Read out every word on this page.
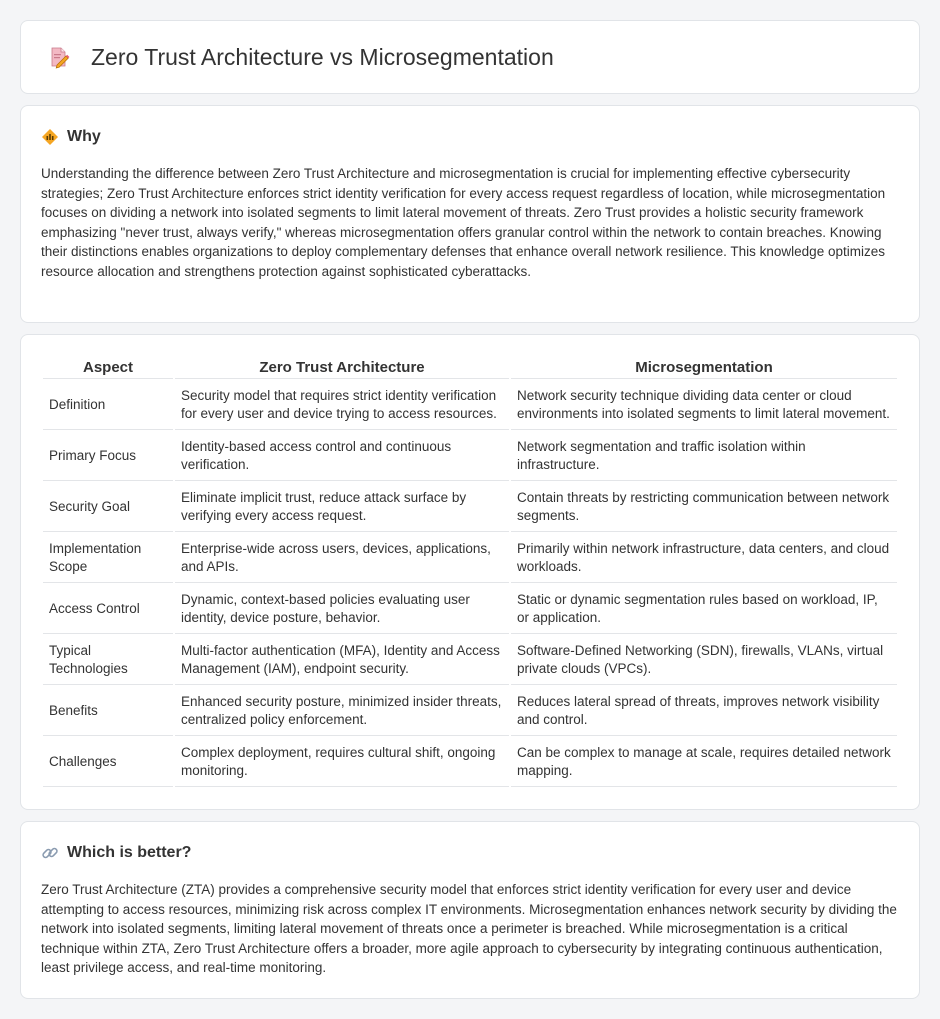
Zero Trust Architecture vs Microsegmentation
Why

Understanding the difference between Zero Trust Architecture and microsegmentation is crucial for implementing effective cybersecurity strategies; Zero Trust Architecture enforces strict identity verification for every access request regardless of location, while microsegmentation focuses on dividing a network into isolated segments to limit lateral movement of threats. Zero Trust provides a holistic security framework emphasizing "never trust, always verify," whereas microsegmentation offers granular control within the network to contain breaches. Knowing their distinctions enables organizations to deploy complementary defenses that enhance overall network resilience. This knowledge optimizes resource allocation and strengthens protection against sophisticated cyberattacks.

Aspect	Zero Trust Architecture	Microsegmentation
Definition	Security model that requires strict identity verification for every user and device trying to access resources.	Network security technique dividing data center or cloud environments into isolated segments to limit lateral movement.
Primary Focus	Identity-based access control and continuous verification.	Network segmentation and traffic isolation within infrastructure.
Security Goal	Eliminate implicit trust, reduce attack surface by verifying every access request.	Contain threats by restricting communication between network segments.
Implementation Scope	Enterprise-wide across users, devices, applications, and APIs.	Primarily within network infrastructure, data centers, and cloud workloads.
Access Control	Dynamic, context-based policies evaluating user identity, device posture, behavior.	Static or dynamic segmentation rules based on workload, IP, or application.
Typical Technologies	Multi-factor authentication (MFA), Identity and Access Management (IAM), endpoint security.	Software-Defined Networking (SDN), firewalls, VLANs, virtual private clouds (VPCs).
Benefits	Enhanced security posture, minimized insider threats, centralized policy enforcement.	Reduces lateral spread of threats, improves network visibility and control.
Challenges	Complex deployment, requires cultural shift, ongoing monitoring.	Can be complex to manage at scale, requires detailed network mapping.
Which is better?

Zero Trust Architecture (ZTA) provides a comprehensive security model that enforces strict identity verification for every user and device attempting to access resources, minimizing risk across complex IT environments. Microsegmentation enhances network security by dividing the network into isolated segments, limiting lateral movement of threats once a perimeter is breached. While microsegmentation is a critical technique within ZTA, Zero Trust Architecture offers a broader, more agile approach to cybersecurity by integrating continuous authentication, least privilege access, and real-time monitoring.
